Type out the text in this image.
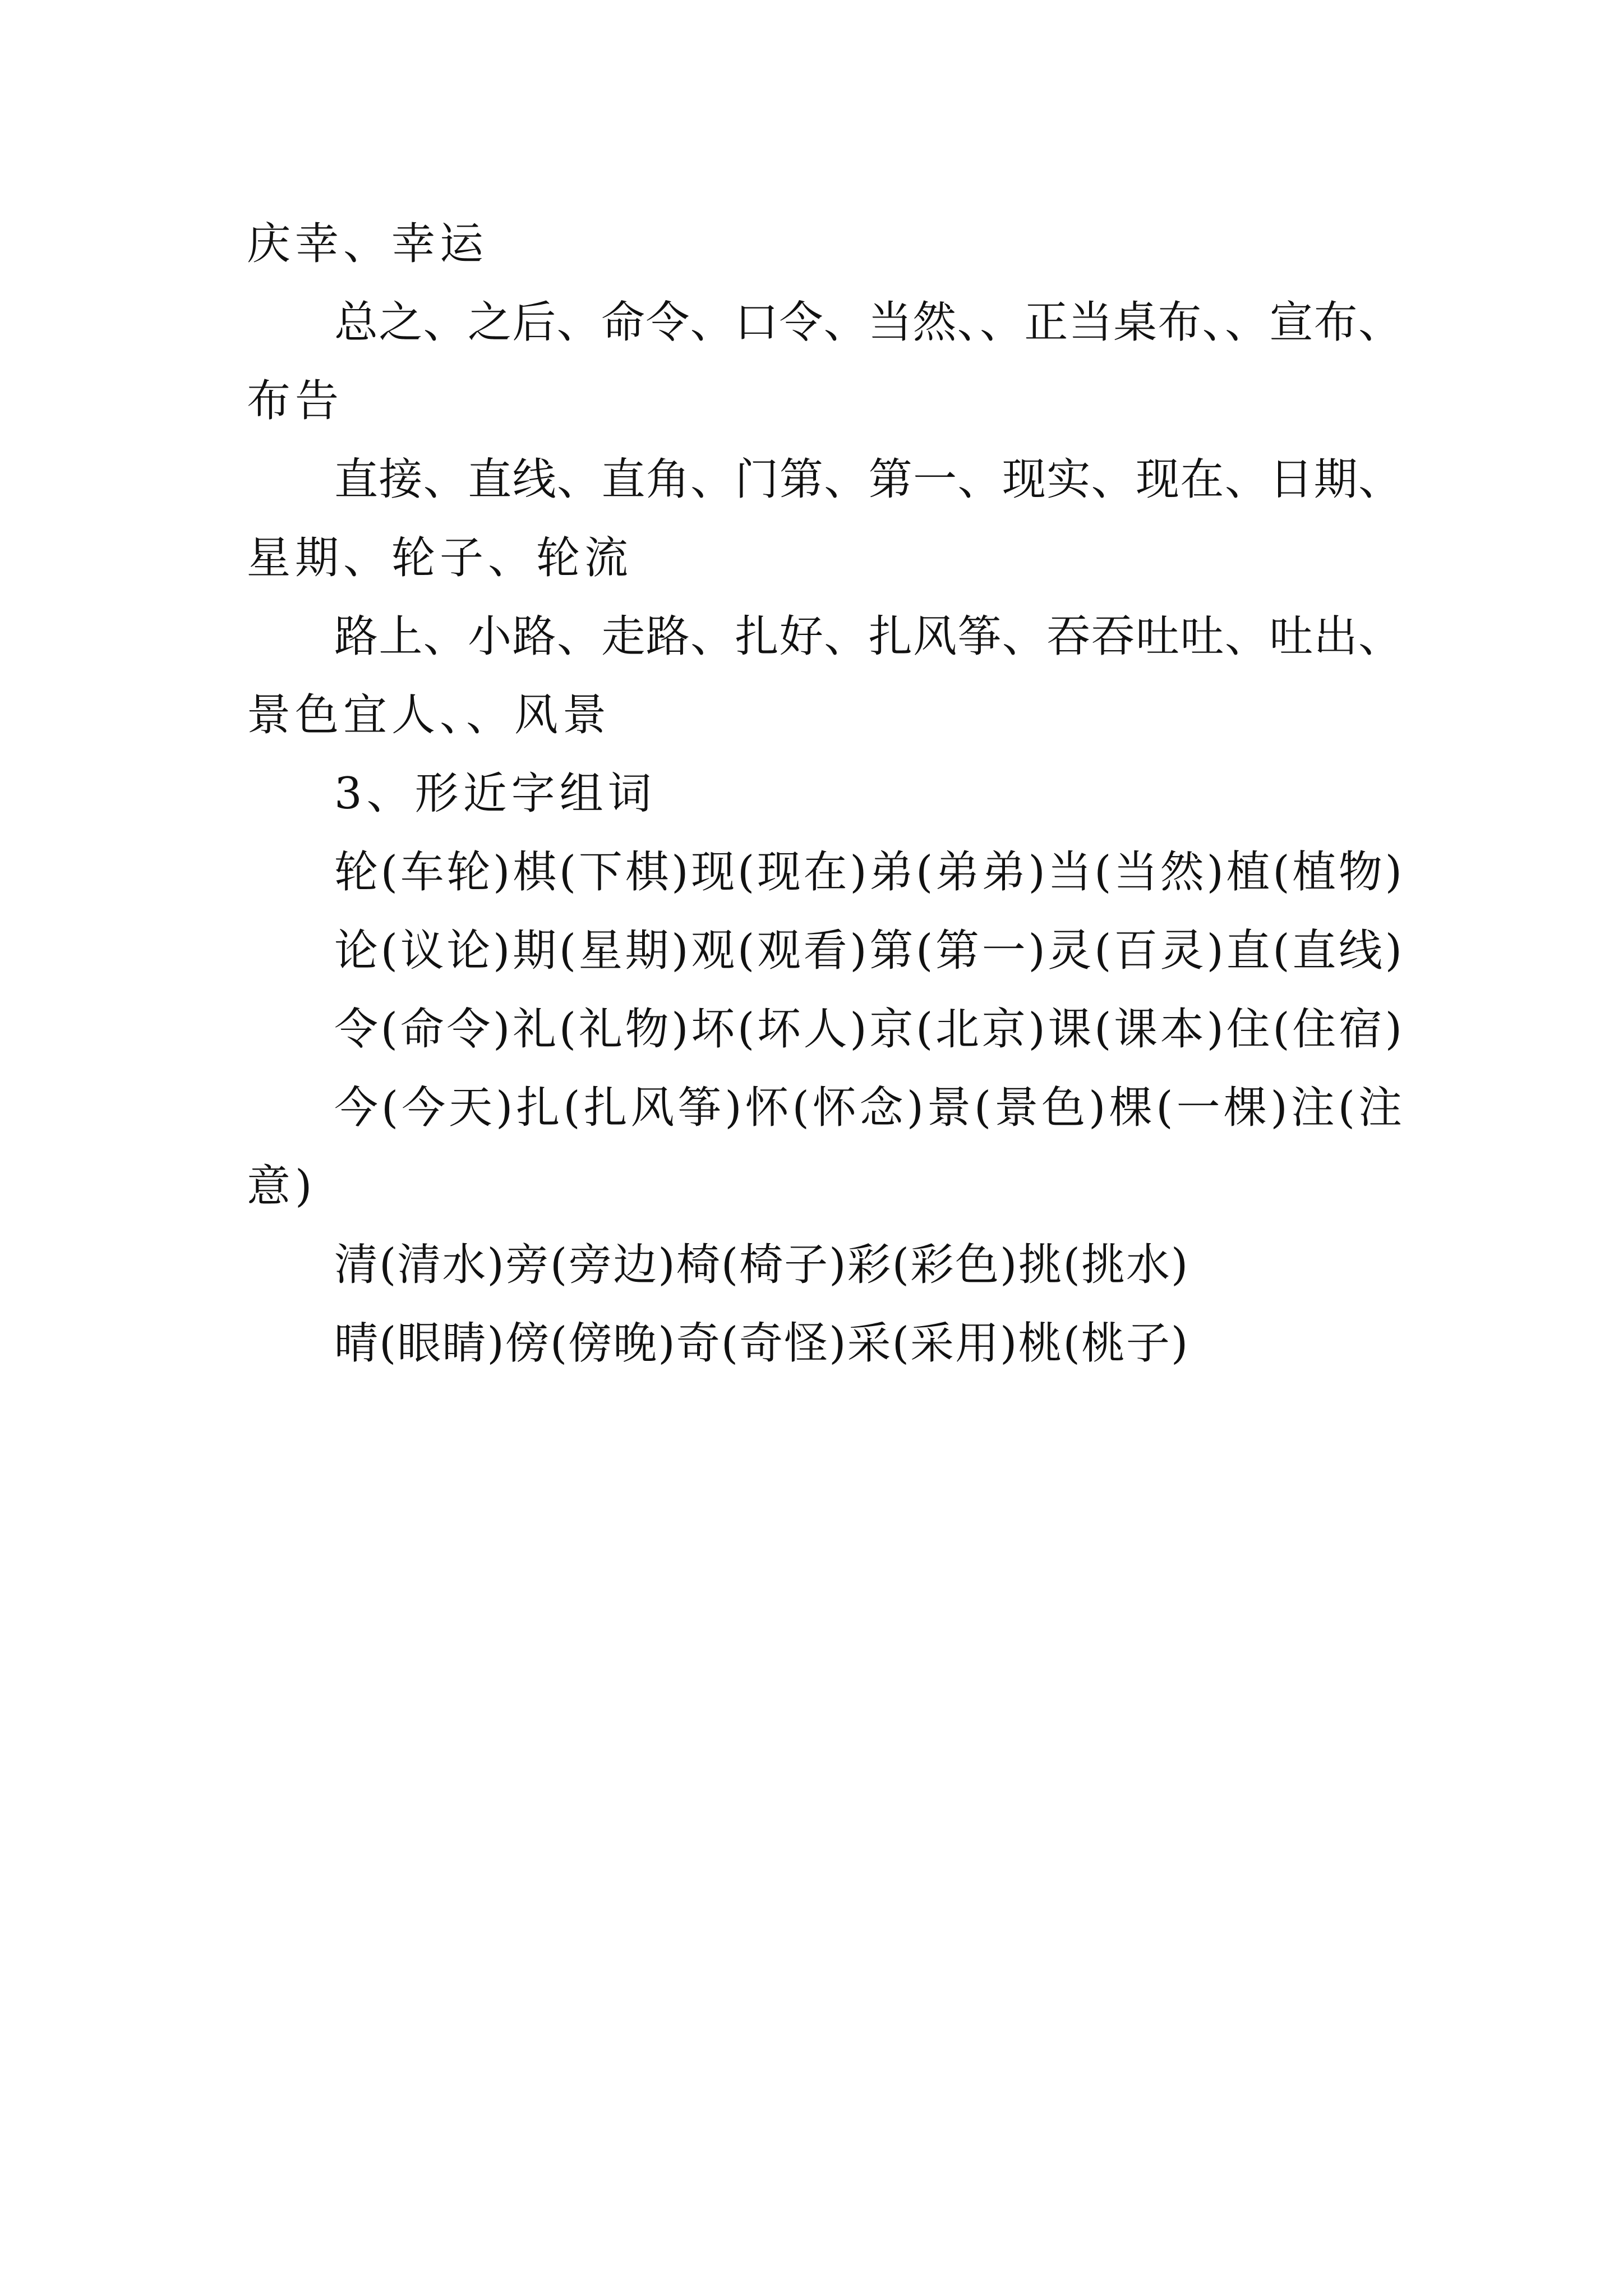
庆幸、幸运
总之、之后、命令、口令、当然、、正当桌布、、宣布、
布告
直接、直线、直角、门第、第一、现实、现在、日期、
星期、轮子、轮流
路上、小路、走路、扎好、扎风筝、吞吞吐吐、吐出、
景色宜人、、风景
3、形近字组词
轮(车轮)棋(下棋)现(现在)弟(弟弟)当(当然)植(植物)
论(议论)期(星期)观(观看)第(第一)灵(百灵)直(直线)
令(命令)礼(礼物)坏(坏人)京(北京)课(课本)住(住宿)
今(今天)扎(扎风筝)怀(怀念)景(景色)棵(一棵)注(注
意)
清(清水)旁(旁边)椅(椅子)彩(彩色)挑(挑水)
晴(眼睛)傍(傍晚)奇(奇怪)采(采用)桃(桃子)
